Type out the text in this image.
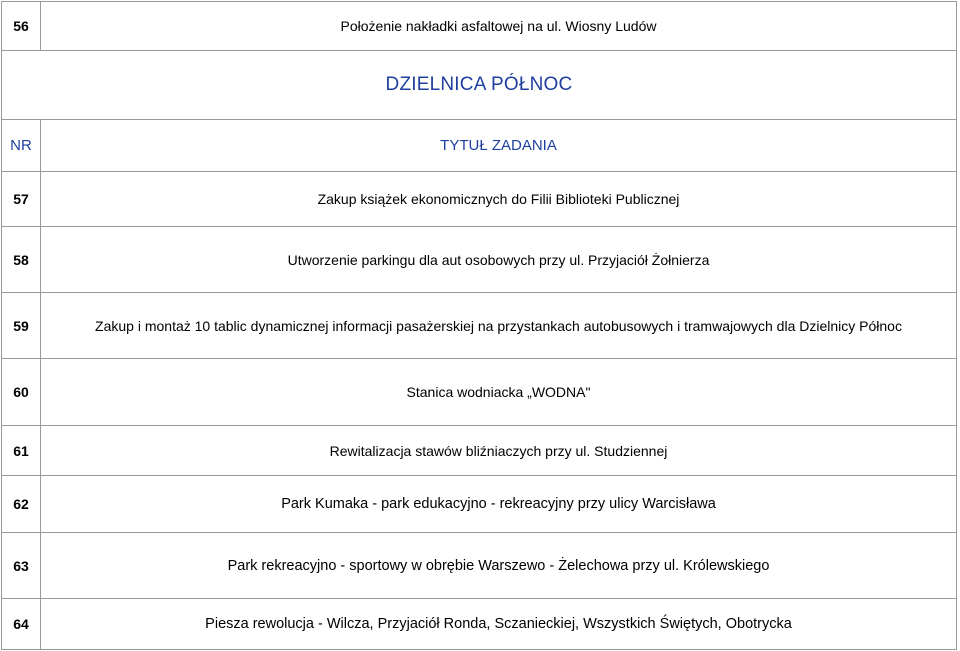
56	Położenie nakładki asfaltowej na ul. Wiosny Ludów
DZIELNICA PÓŁNOC	
NR	TYTUŁ ZADANIA
57	Zakup książek ekonomicznych do Filii Biblioteki Publicznej
58	Utworzenie parkingu dla aut osobowych przy ul. Przyjaciół Żołnierza
59	Zakup i montaż 10 tablic dynamicznej informacji pasażerskiej na przystankach autobusowych i tramwajowych dla Dzielnicy Północ
60	Stanica wodniacka „WODNA"
61	Rewitalizacja stawów bliźniaczych przy ul. Studziennej
62	Park Kumaka - park edukacyjno - rekreacyjny przy ulicy Warcisława
63	Park rekreacyjno - sportowy w obrębie Warszewo - Żelechowa przy ul. Królewskiego
64	Piesza rewolucja - Wilcza, Przyjaciół Ronda, Sczanieckiej, Wszystkich Świętych, Obotrycka
